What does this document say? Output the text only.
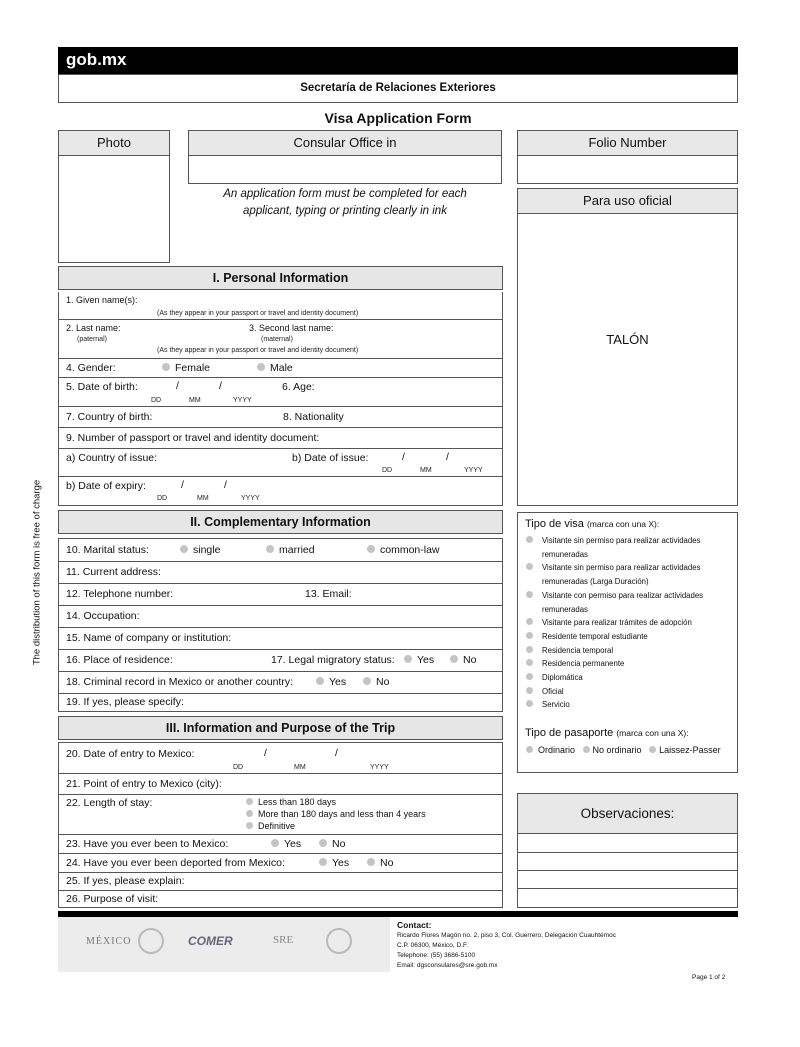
gob.mx
Secretaría de Relaciones Exteriores
Visa Application Form
Photo	Consular Office in
An application form must be completed for each
applicant, typing or printing clearly in ink
Folio Number
Para uso oficial
TALÓN
The distribution of this form is free of charge
I. Personal Information
1. Given name(s):
(As they appear in your passport or travel and identity document)
2. Last name:
(paternal)
3. Second last name:
(maternal)
(As they appear in your passport or travel and identity document)
4. Gender:	Female	Male
5. Date of birth:	/	/
DD	MM	YYYY
6. Age:
7. Country of birth:	8. Nationality
9. Number of passport or travel and identity document:
a) Country of issue:	b) Date of issue:	/	/
DD	MM	YYYY
b) Date of expiry:	/	/
DD	MM	YYYY
II. Complementary Information
10. Marital status:	single	married	common-law
11. Current address:
12. Telephone number:	13. Email:
14. Occupation:
15. Name of company or institution:
16. Place of residence:	17. Legal migratory status:	Yes	No
18. Criminal record in Mexico or another country:	Yes	No
19. If yes, please specify:
III. Information and Purpose of the Trip
20. Date of entry to Mexico:	/	/
DD	MM	YYYY
21. Point of entry to Mexico (city):
22. Length of stay:	Less than 180 days
More than 180 days and less than 4 years
Definitive
23. Have you ever been to Mexico:	Yes	No
24. Have you ever been deported from Mexico:	Yes	No
25. If yes, please explain:
26. Purpose of visit:
Tipo de visa (marca con una X):
Visitante sin permiso para realizar actividades
remuneradas
Visitante sin permiso para realizar actividades
remuneradas (Larga Duración)
Visitante con permiso para realizar actividades
remuneradas
Visitante para realizar trámites de adopción
Residente temporal estudiante
Residencia temporal
Residencia permanente
Diplomática
Oficial
Servicio
Tipo de pasaporte (marca con una X):
Ordinario No ordinario Laissez-Passer
Observaciones:
MÉXICO	COMER	SRE
Contact:
Ricardo Flores Magón no. 2, piso 3, Col. Guerrero, Delegación Cuauhtémoc
C.P. 06300, México, D.F.
Telephone: (55) 3686-5100
Email: dgsconsulares@sre.gob.mx
Page 1 of 2
